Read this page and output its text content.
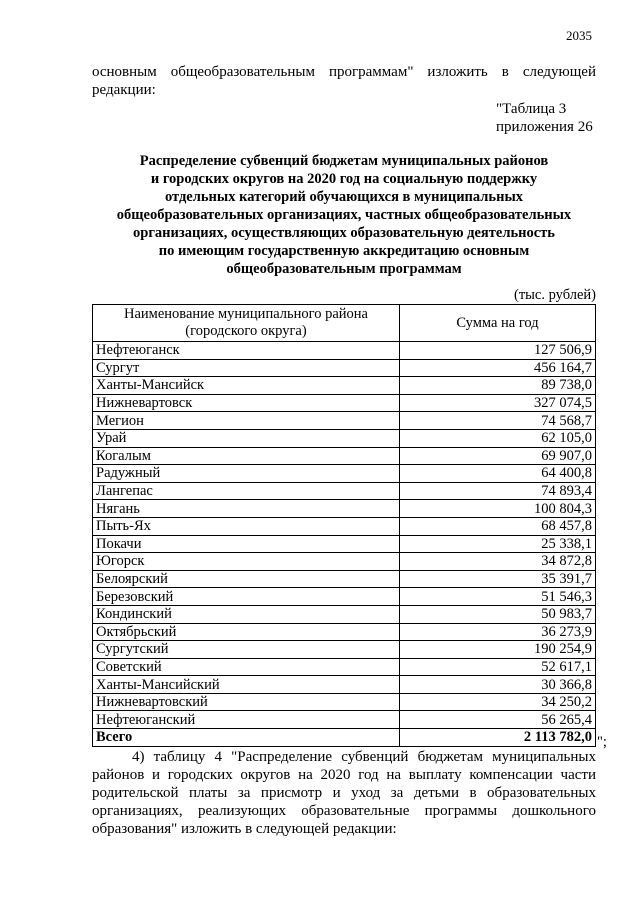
2035
основным общеобразовательным программам" изложить в следующей
редакции:
"Таблица 3
приложения 26
Распределение субвенций бюджетам муниципальных районов
и городских округов на 2020 год на социальную поддержку
отдельных категорий обучающихся в муниципальных
общеобразовательных организациях, частных общеобразовательных
организациях, осуществляющих образовательную деятельность
по имеющим государственную аккредитацию основным
общеобразовательным программам
(тыс. рублей)
Наименование муниципального района (городского округа)	Сумма на год
Нефтеюганск	127 506,9
Сургут	456 164,7
Ханты-Мансийск	89 738,0
Нижневартовск	327 074,5
Мегион	74 568,7
Урай	62 105,0
Когалым	69 907,0
Радужный	64 400,8
Лангепас	74 893,4
Нягань	100 804,3
Пыть-Ях	68 457,8
Покачи	25 338,1
Югорск	34 872,8
Белоярский	35 391,7
Березовский	51 546,3
Кондинский	50 983,7
Октябрьский	36 273,9
Сургутский	190 254,9
Советский	52 617,1
Ханты-Мансийский	30 366,8
Нижневартовский	34 250,2
Нефтеюганский	56 265,4
Всего	2 113 782,0 ";
4) таблицу 4 "Распределение субвенций бюджетам муниципальных районов и городских округов на 2020 год на выплату компенсации части родительской платы за присмотр и уход за детьми в образовательных организациях, реализующих образовательные программы дошкольного образования" изложить в следующей редакции:
